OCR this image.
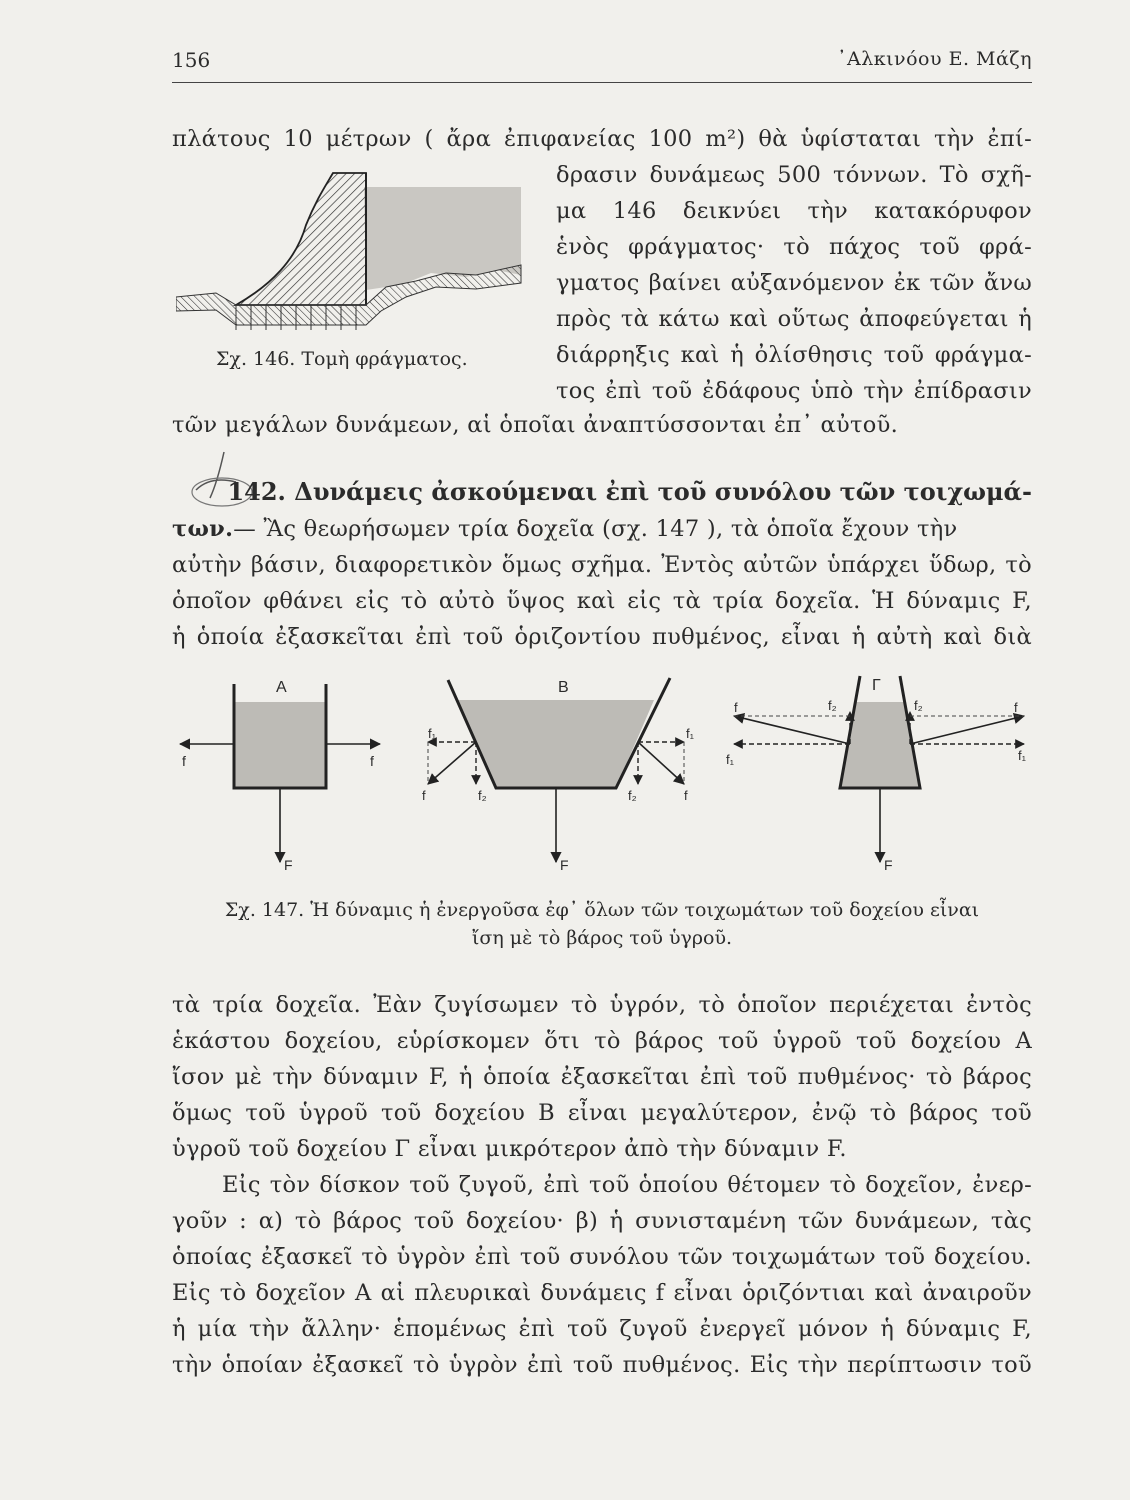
156	᾿Αλκινόου Ε. Μάζη
πλάτους 10 μέτρων ( ἄρα ἐπιφανείας 100 m²) θὰ ὑφίσταται τὴν ἐπί-
δρασιν δυνάμεως 500 τόννων. Τὸ σχῆ-
μα 146 δεικνύει τὴν κατακόρυφον
ἑνὸς φράγματος· τὸ πάχος τοῦ φρά-
γματος βαίνει αὐξανόμενον ἐκ τῶν ἄνω
πρὸς τὰ κάτω καὶ οὕτως ἀποφεύγεται ἡ
διάρρηξις καὶ ἡ ὀλίσθησις τοῦ φράγμα-
τος ἐπὶ τοῦ ἐδάφους ὑπὸ τὴν ἐπίδρασιν
τῶν μεγάλων δυνάμεων, αἱ ὁποῖαι ἀναπτύσσονται ἐπ᾿ αὐτοῦ.
Σχ. 146. Τομὴ φράγματος.
142. Δυνάμεις ἀσκούμεναι ἐπὶ τοῦ συνόλου τῶν τοιχωμά-
των.— Ἂς θεωρήσωμεν τρία δοχεῖα (σχ. 147 ), τὰ ὁποῖα ἔχουν τὴν
αὐτὴν βάσιν, διαφορετικὸν ὅμως σχῆμα. Ἐντὸς αὐτῶν ὑπάρχει ὕδωρ, τὸ
ὁποῖον φθάνει εἰς τὸ αὐτὸ ὕψος καὶ εἰς τὰ τρία δοχεῖα. Ἡ δύναμις F,
ἡ ὁποία ἐξασκεῖται ἐπὶ τοῦ ὁριζοντίου πυθμένος, εἶναι ἡ αὐτὴ καὶ διὰ
A
f	f
F
B
f₁	f₁
f	f₂	f₂	f
F
Γ
f	f₂	f₂	f
f₁	f₁
F
Σχ. 147. Ἡ δύναμις ἡ ἐνεργοῦσα ἐφ᾿ ὅλων τῶν τοιχωμάτων τοῦ δοχείου εἶναι
ἴση μὲ τὸ βάρος τοῦ ὑγροῦ.
τὰ τρία δοχεῖα. Ἐὰν ζυγίσωμεν τὸ ὑγρόν, τὸ ὁποῖον περιέχεται ἐντὸς
ἑκάστου δοχείου, εὑρίσκομεν ὅτι τὸ βάρος τοῦ ὑγροῦ τοῦ δοχείου Α
ἴσον μὲ τὴν δύναμιν F, ἡ ὁποία ἐξασκεῖται ἐπὶ τοῦ πυθμένος· τὸ βάρος
ὅμως τοῦ ὑγροῦ τοῦ δοχείου Β εἶναι μεγαλύτερον, ἐνῷ τὸ βάρος τοῦ
ὑγροῦ τοῦ δοχείου Γ εἶναι μικρότερον ἀπὸ τὴν δύναμιν F.
Εἰς τὸν δίσκον τοῦ ζυγοῦ, ἐπὶ τοῦ ὁποίου θέτομεν τὸ δοχεῖον, ἐνερ-
γοῦν : α) τὸ βάρος τοῦ δοχείου· β) ἡ συνισταμένη τῶν δυνάμεων, τὰς
ὁποίας ἐξασκεῖ τὸ ὑγρὸν ἐπὶ τοῦ συνόλου τῶν τοιχωμάτων τοῦ δοχείου.
Εἰς τὸ δοχεῖον Α αἱ πλευρικαὶ δυνάμεις f εἶναι ὁριζόντιαι καὶ ἀναιροῦν
ἡ μία τὴν ἄλλην· ἑπομένως ἐπὶ τοῦ ζυγοῦ ἐνεργεῖ μόνον ἡ δύναμις F,
τὴν ὁποίαν ἐξασκεῖ τὸ ὑγρὸν ἐπὶ τοῦ πυθμένος. Εἰς τὴν περίπτωσιν τοῦ
